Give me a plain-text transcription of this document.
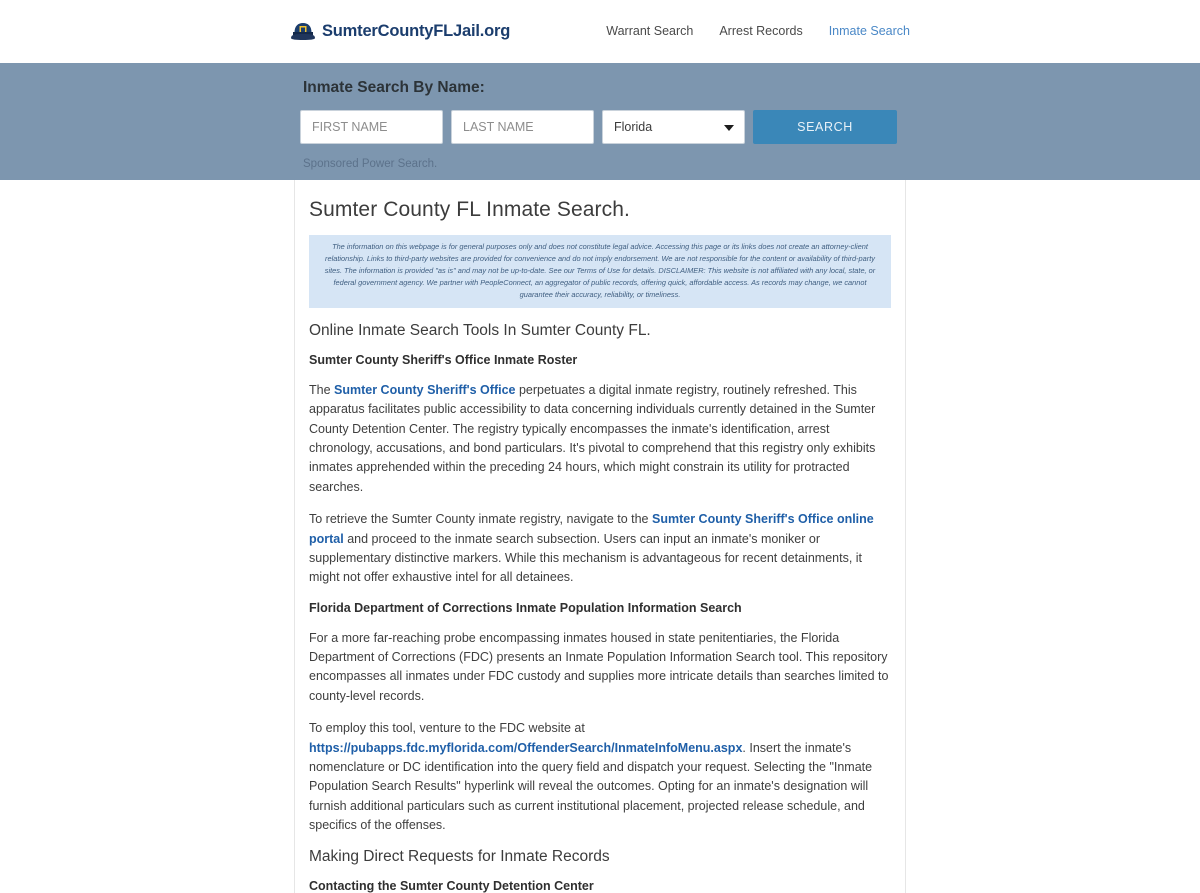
SumterCountyFLJail.org	Warrant Search Arrest Records Inmate Search
Inmate Search By Name:
FIRST NAME
LAST NAME
Florida	SEARCH
Sponsored Power Search.
Sumter County FL Inmate Search.
The information on this webpage is for general purposes only and does not constitute legal advice. Accessing this page or its links does not create an attorney-client relationship. Links to third-party websites are provided for convenience and do not imply endorsement. We are not responsible for the content or availability of third-party sites. The information is provided "as is" and may not be up-to-date. See our Terms of Use for details. DISCLAIMER: This website is not affiliated with any local, state, or federal government agency. We partner with PeopleConnect, an aggregator of public records, offering quick, affordable access. As records may change, we cannot guarantee their accuracy, reliability, or timeliness.
Online Inmate Search Tools In Sumter County FL.
Sumter County Sheriff's Office Inmate Roster

The Sumter County Sheriff's Office perpetuates a digital inmate registry, routinely refreshed. This apparatus facilitates public accessibility to data concerning individuals currently detained in the Sumter County Detention Center. The registry typically encompasses the inmate's identification, arrest chronology, accusations, and bond particulars. It's pivotal to comprehend that this registry only exhibits inmates apprehended within the preceding 24 hours, which might constrain its utility for protracted searches.

To retrieve the Sumter County inmate registry, navigate to the Sumter County Sheriff's Office online portal and proceed to the inmate search subsection. Users can input an inmate's moniker or supplementary distinctive markers. While this mechanism is advantageous for recent detainments, it might not offer exhaustive intel for all detainees.

Florida Department of Corrections Inmate Population Information Search

For a more far-reaching probe encompassing inmates housed in state penitentiaries, the Florida Department of Corrections (FDC) presents an Inmate Population Information Search tool. This repository encompasses all inmates under FDC custody and supplies more intricate details than searches limited to county-level records.

To employ this tool, venture to the FDC website at https://pubapps.fdc.myflorida.com/OffenderSearch/InmateInfoMenu.aspx. Insert the inmate's nomenclature or DC identification into the query field and dispatch your request. Selecting the "Inmate Population Search Results" hyperlink will reveal the outcomes. Opting for an inmate's designation will furnish additional particulars such as current institutional placement, projected release schedule, and specifics of the offenses.

Making Direct Requests for Inmate Records
Contacting the Sumter County Detention Center
